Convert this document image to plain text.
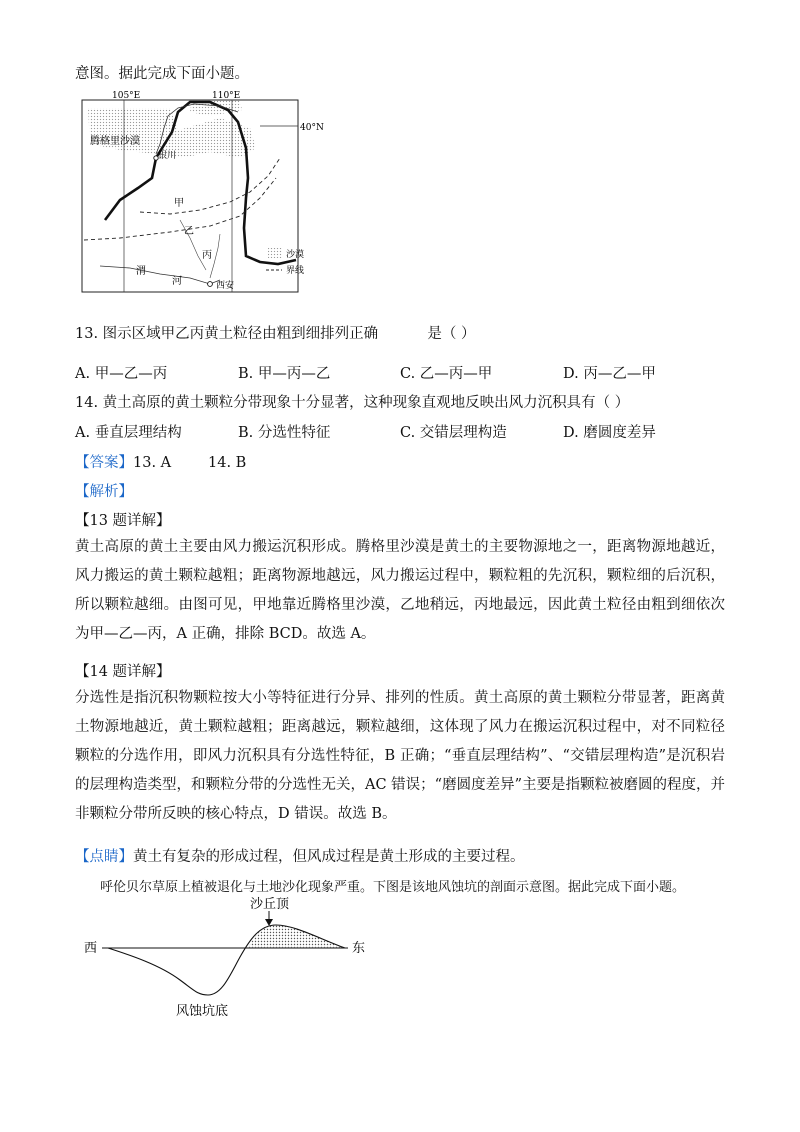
意图。据此完成下面小题。
105°E	110°E
40°N
腾格里沙漠
银川
甲
乙
丙
渭
河	西安
沙漠
界线
13. 图示区域甲乙丙黄土粒径由粗到细排列正确	是（ ）
A. 甲—乙—丙	B. 甲—丙—乙	C. 乙—丙—甲	D. 丙—乙—甲
14. 黄土高原的黄土颗粒分带现象十分显著，这种现象直观地反映出风力沉积具有（ ）
A. 垂直层理结构	B. 分选性特征	C. 交错层理构造	D. 磨圆度差异
【答案】13. A        14. B
【解析】
【13 题详解】
黄土高原的黄土主要由风力搬运沉积形成。腾格里沙漠是黄土的主要物源地之一，距离物源地越近，风力搬运的黄土颗粒越粗；距离物源地越远，风力搬运过程中，颗粒粗的先沉积，颗粒细的后沉积，所以颗粒越细。由图可见，甲地靠近腾格里沙漠，乙地稍远，丙地最远，因此黄土粒径由粗到细依次为甲—乙—丙，A 正确，排除 BCD。故选 A。
【14 题详解】
分选性是指沉积物颗粒按大小等特征进行分异、排列的性质。黄土高原的黄土颗粒分带显著，距离黄土物源地越近，黄土颗粒越粗；距离越远，颗粒越细，这体现了风力在搬运沉积过程中，对不同粒径颗粒的分选作用，即风力沉积具有分选性特征，B 正确；“垂直层理结构”、“交错层理构造”是沉积岩的层理构造类型，和颗粒分带的分选性无关，AC 错误；“磨圆度差异”主要是指颗粒被磨圆的程度，并非颗粒分带所反映的核心特点，D 错误。故选 B。
【点睛】黄土有复杂的形成过程，但风成过程是黄土形成的主要过程。
呼伦贝尔草原上植被退化与土地沙化现象严重。下图是该地风蚀坑的剖面示意图。据此完成下面小题。
西	东
沙丘顶
风蚀坑底
